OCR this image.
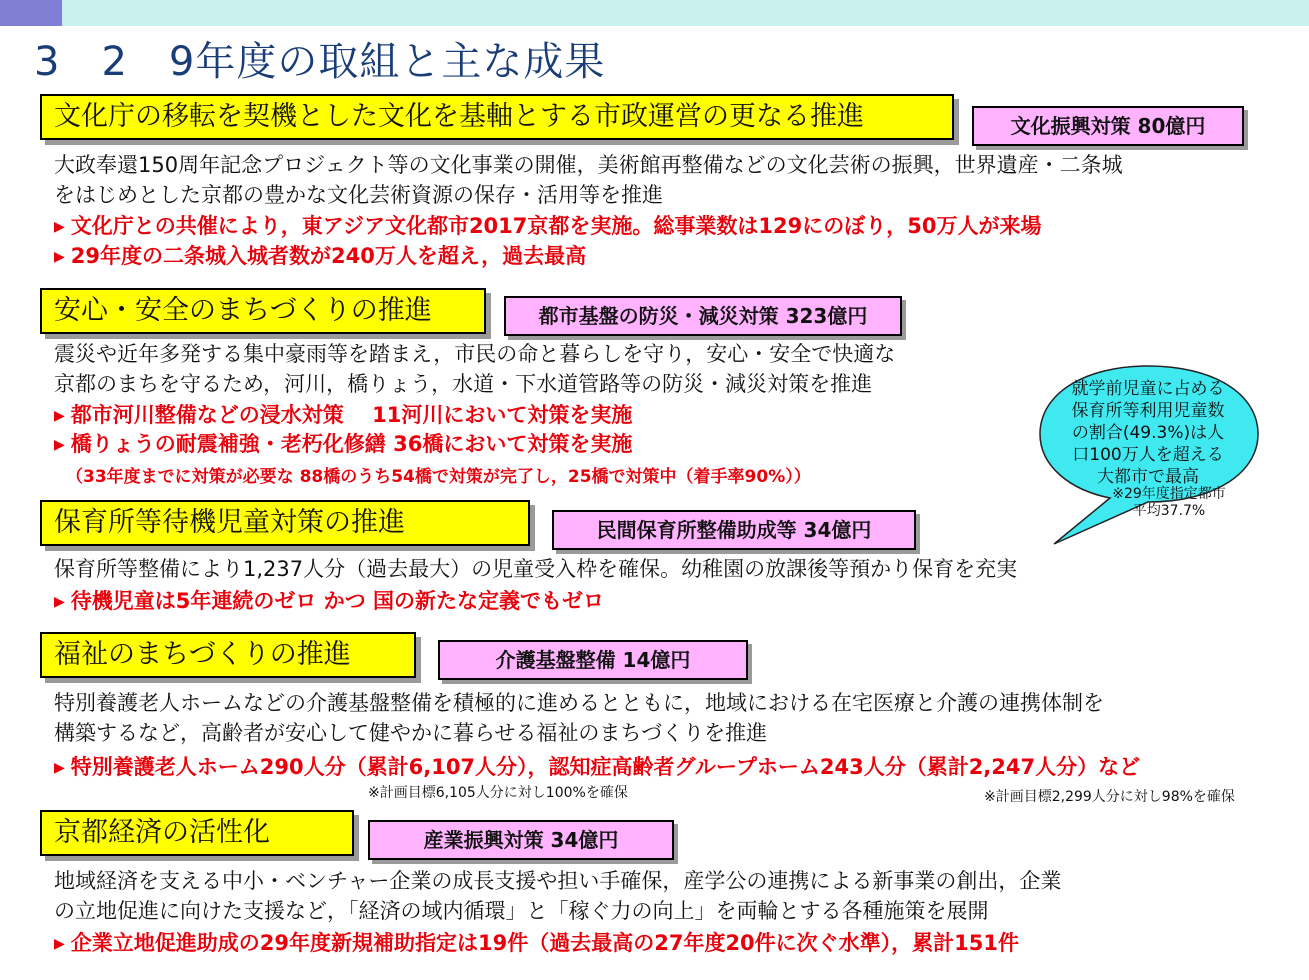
3　2　9年度の取組と主な成果
文化庁の移転を契機とした文化を基軸とする市政運営の更なる推進	文化振興対策 80億円
大政奉還150周年記念プロジェクト等の文化事業の開催，美術館再整備などの文化芸術の振興，世界遺産・二条城
をはじめとした京都の豊かな文化芸術資源の保存・活用等を推進
▶ 文化庁との共催により，東アジア文化都市2017京都を実施。総事業数は129にのぼり，50万人が来場
▶ 29年度の二条城入城者数が240万人を超え，過去最高
安心・安全のまちづくりの推進	都市基盤の防災・減災対策 323億円
震災や近年多発する集中豪雨等を踏まえ，市民の命と暮らしを守り，安心・安全で快適な
京都のまちを守るため，河川，橋りょう，水道・下水道管路等の防災・減災対策を推進
▶ 都市河川整備などの浸水対策　 11河川において対策を実施
▶ 橋りょうの耐震補強・老朽化修繕 36橋において対策を実施
（33年度までに対策が必要な 88橋のうち54橋で対策が完了し，25橋で対策中（着手率90%））
保育所等待機児童対策の推進	民間保育所整備助成等 34億円
保育所等整備により1,237人分（過去最大）の児童受入枠を確保。幼稚園の放課後等預かり保育を充実
▶ 待機児童は5年連続のゼロ かつ 国の新たな定義でもゼロ
福祉のまちづくりの推進	介護基盤整備 14億円
特別養護老人ホームなどの介護基盤整備を積極的に進めるとともに，地域における在宅医療と介護の連携体制を
構築するなど，高齢者が安心して健やかに暮らせる福祉のまちづくりを推進
▶ 特別養護老人ホーム290人分（累計6,107人分），認知症高齢者グループホーム243人分（累計2,247人分）など
※計画目標6,105人分に対し100%を確保	※計画目標2,299人分に対し98%を確保
京都経済の活性化	産業振興対策 34億円
地域経済を支える中小・ベンチャー企業の成長支援や担い手確保，産学公の連携による新事業の創出，企業
の立地促進に向けた支援など，「経済の域内循環」と「稼ぐ力の向上」を両輪とする各種施策を展開
▶ 企業立地促進助成の29年度新規補助指定は19件（過去最高の27年度20件に次ぐ水準），累計151件
就学前児童に占める
保育所等利用児童数
の割合(49.3%)は人
口100万人を超える
大都市で最高
※29年度指定都市
平均37.7%
